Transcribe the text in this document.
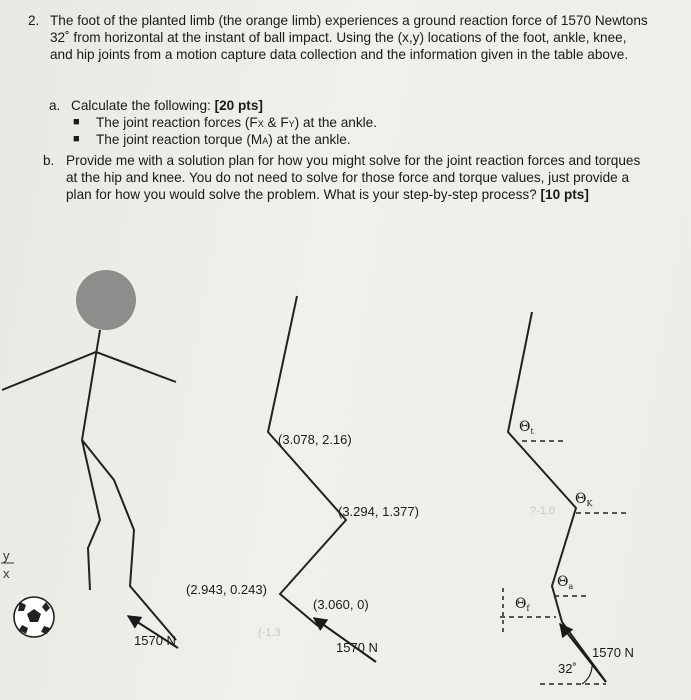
2. The foot of the planted limb (the orange limb) experiences a ground reaction force of 1570 Newtons 32˚ from horizontal at the instant of ball impact. Using the (x,y) locations of the foot, ankle, knee, and hip joints from a motion capture data collection and the information given in the table above.
a. Calculate the following: [20 pts]
■ The joint reaction forces (FX & FY) at the ankle.
■ The joint reaction torque (MA) at the ankle.
b. Provide me with a solution plan for how you might solve for the joint reaction forces and torques at the hip and knee. You do not need to solve for those force and torque values, just provide a plan for how you would solve the problem. What is your step-by-step process? [10 pts]
?-1.0
(-1.3
y
x
1570 N
(3.078, 2.16)
(3.294, 1.377)
(2.943, 0.243)
(3.060, 0)
1570 N
$\Theta_t$
$\Theta_K$
$\Theta_a$
$\Theta_f$
1570 N
32˚
